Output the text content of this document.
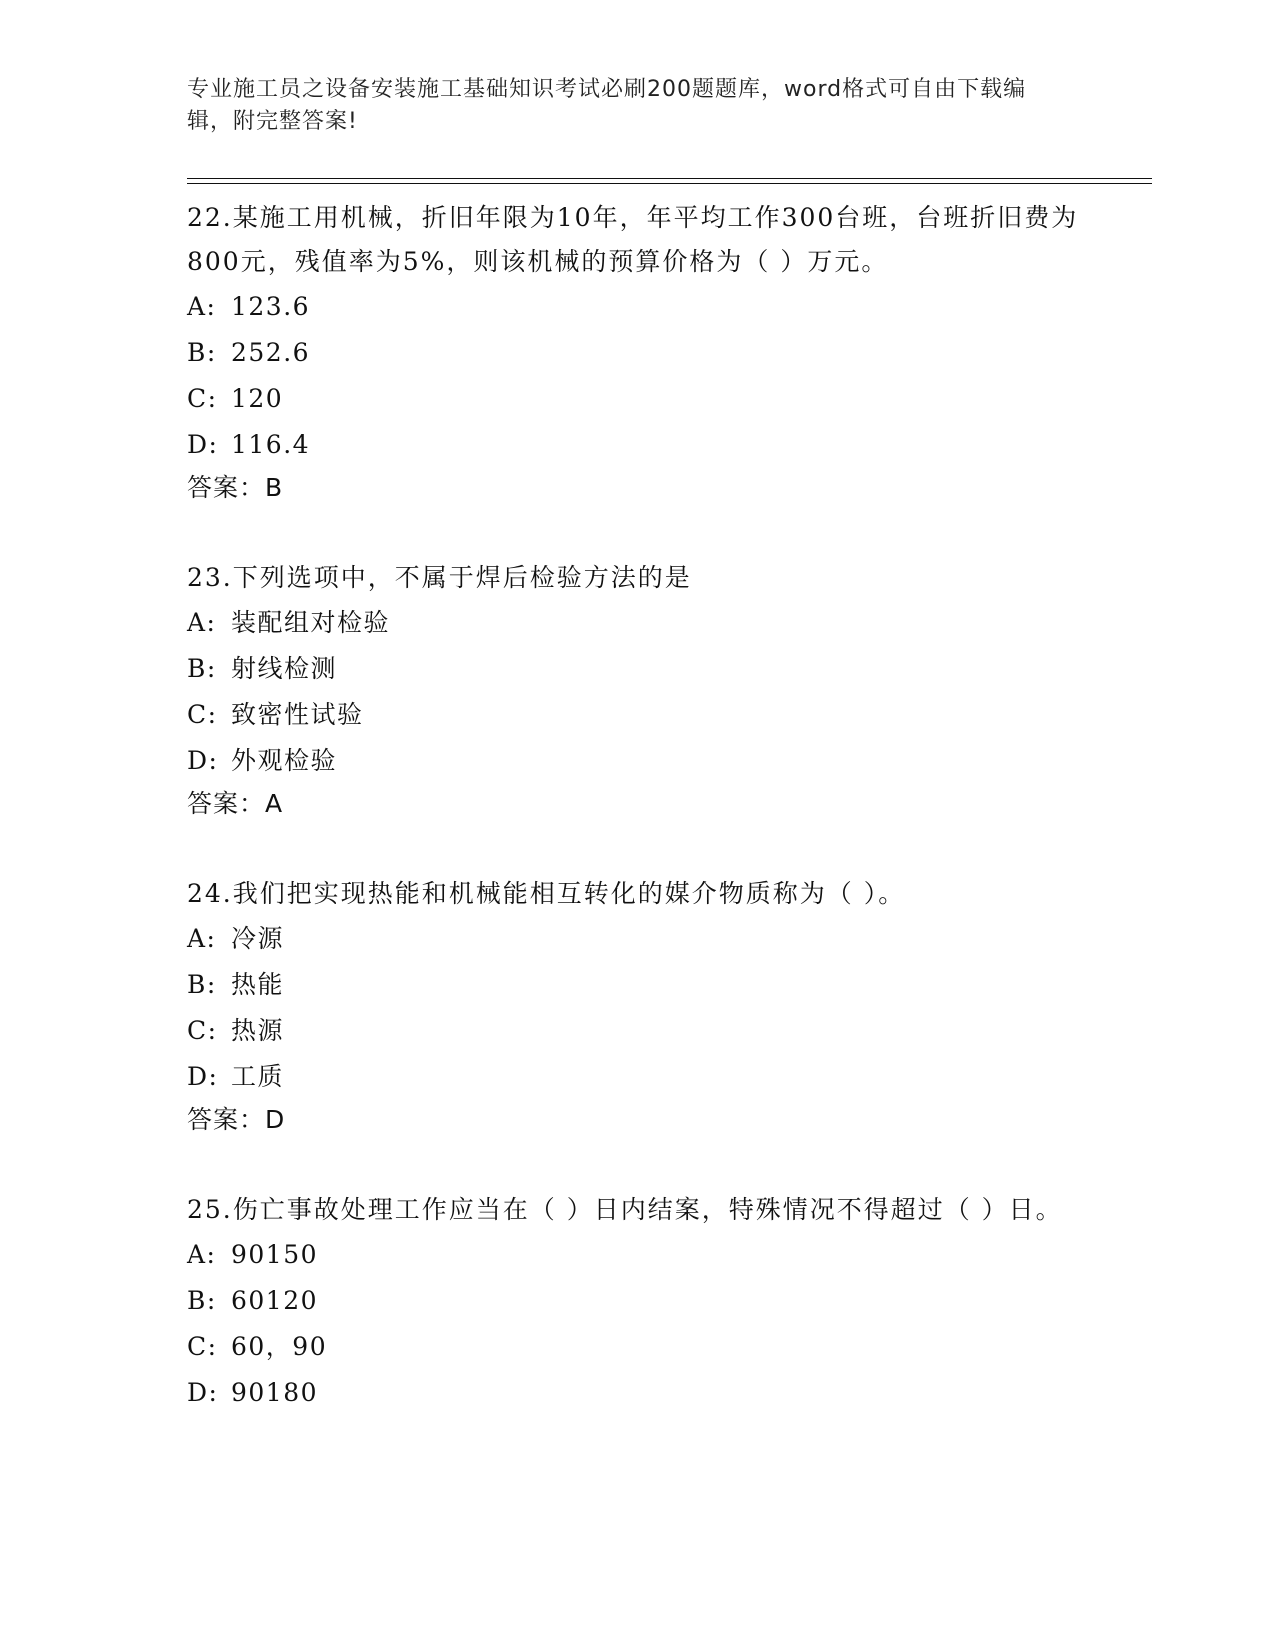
专业施工员之设备安装施工基础知识考试必刷200题题库，word格式可自由下载编辑，附完整答案!
22.某施工用机械，折旧年限为10年，年平均工作300台班，台班折旧费为800元，残值率为5%，则该机械的预算价格为（ ）万元。
A: 123.6
B: 252.6
C: 120
D: 116.4
答案：B
23.下列选项中，不属于焊后检验方法的是
A: 装配组对检验
B: 射线检测
C: 致密性试验
D: 外观检验
答案：A
24.我们把实现热能和机械能相互转化的媒介物质称为（ ）。
A: 冷源
B: 热能
C: 热源
D: 工质
答案：D
25.伤亡事故处理工作应当在（ ）日内结案，特殊情况不得超过（ ）日。
A: 90150
B: 60120
C: 60，90
D: 90180
